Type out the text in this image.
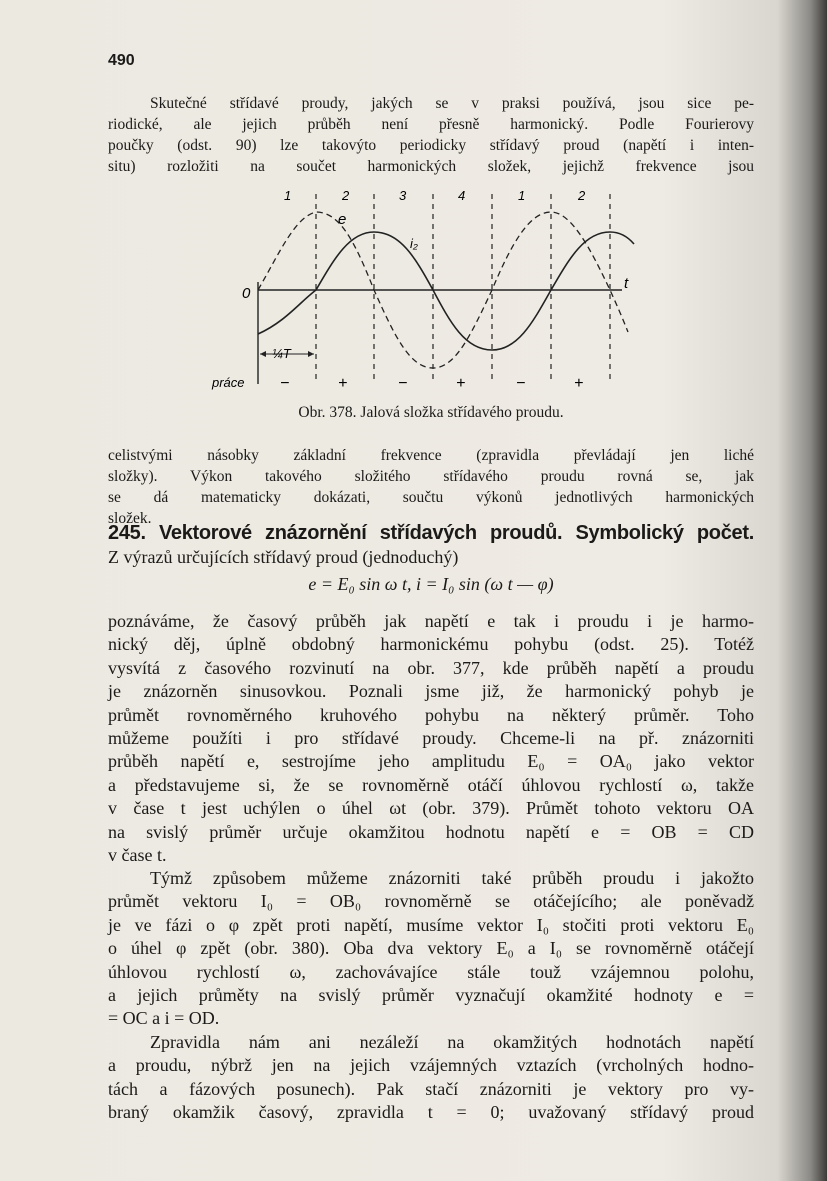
490
Skutečné střídavé proudy, jakých se v praksi používá, jsou sice pe-
riodické, ale jejich průběh není přesně harmonický. Podle Fourierovy
poučky (odst. 90) lze takovýto periodicky střídavý proud (napětí i inten-
situ) rozložiti na součet harmonických složek, jejichž frekvence jsou
1	2	3	4	1	2
e
i₂
0
t
¼T
práce −	+	−	+	−	+
Obr. 378. Jalová složka střídavého proudu.
celistvými násobky základní frekvence (zpravidla převládají jen liché
složky). Výkon takového složitého střídavého proudu rovná se, jak
se dá matematicky dokázati, součtu výkonů jednotlivých harmonických
složek.
245. Vektorové znázornění střídavých proudů. Symbolický počet.
Z výrazů určujících střídavý proud (jednoduchý)
e = E₀ sin ω t, i = I₀ sin (ω t — φ)
poznáváme, že časový průběh jak napětí e tak i proudu i je harmo-
nický děj, úplně obdobný harmonickému pohybu (odst. 25). Totéž
vysvítá z časového rozvinutí na obr. 377, kde průběh napětí a proudu
je znázorněn sinusovkou. Poznali jsme již, že harmonický pohyb je
průmět rovnoměrného kruhového pohybu na některý průměr. Toho
můžeme použíti i pro střídavé proudy. Chceme-li na př. znázorniti
průběh napětí e, sestrojíme jeho amplitudu E₀ = OA₀ jako vektor
a představujeme si, že se rovnoměrně otáčí úhlovou rychlostí ω, takže
v čase t jest uchýlen o úhel ωt (obr. 379). Průmět tohoto vektoru OA
na svislý průměr určuje okamžitou hodnotu napětí e = OB = CD
v čase t.
Týmž způsobem můžeme znázorniti také průběh proudu i jakožto
průmět vektoru I₀ = OB₀ rovnoměrně se otáčejícího; ale poněvadž
je ve fázi o φ zpět proti napětí, musíme vektor I₀ stočiti proti vektoru E₀
o úhel φ zpět (obr. 380). Oba dva vektory E₀ a I₀ se rovnoměrně otáčejí
úhlovou rychlostí ω, zachovávajíce stále touž vzájemnou polohu,
a jejich průměty na svislý průměr vyznačují okamžité hodnoty e =
= OC a i = OD.
Zpravidla nám ani nezáleží na okamžitých hodnotách napětí
a proudu, nýbrž jen na jejich vzájemných vztazích (vrcholných hodno-
tách a fázových posunech). Pak stačí znázorniti je vektory pro vy-
braný okamžik časový, zpravidla t = 0; uvažovaný střídavý proud
